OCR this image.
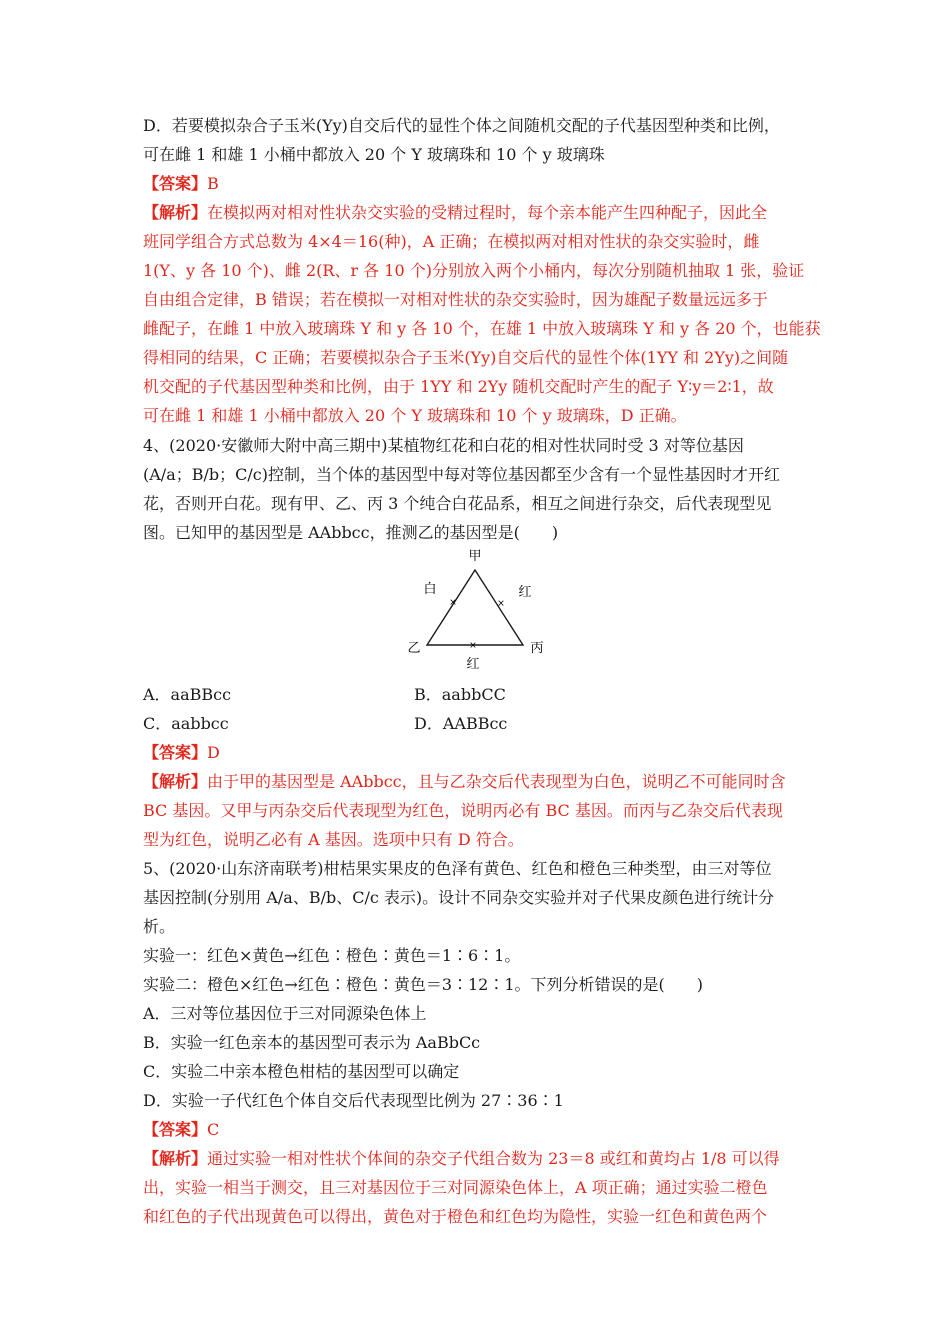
D．若要模拟杂合子玉米(Yy)自交后代的显性个体之间随机交配的子代基因型种类和比例，
可在雌 1 和雄 1 小桶中都放入 20 个 Y 玻璃珠和 10 个 y 玻璃珠
【答案】B
【解析】在模拟两对相对性状杂交实验的受精过程时，每个亲本能产生四种配子，因此全
班同学组合方式总数为 4×4＝16(种)，A 正确；在模拟两对相对性状的杂交实验时，雌
1(Y、y 各 10 个)、雌 2(R、r 各 10 个)分别放入两个小桶内，每次分别随机抽取 1 张，验证
自由组合定律，B 错误；若在模拟一对相对性状的杂交实验时，因为雄配子数量远远多于
雌配子，在雌 1 中放入玻璃珠 Y 和 y 各 10 个，在雄 1 中放入玻璃珠 Y 和 y 各 20 个，也能获
得相同的结果，C 正确；若要模拟杂合子玉米(Yy)自交后代的显性个体(1YY 和 2Yy)之间随
机交配的子代基因型种类和比例，由于 1YY 和 2Yy 随机交配时产生的配子 Y∶y＝2∶1，故
可在雌 1 和雄 1 小桶中都放入 20 个 Y 玻璃珠和 10 个 y 玻璃珠，D 正确。
4、(2020·安徽师大附中高三期中)某植物红花和白花的相对性状同时受 3 对等位基因
(A/a；B/b；C/c)控制，当个体的基因型中每对等位基因都至少含有一个显性基因时才开红
花，否则开白花。现有甲、乙、丙 3 个纯合白花品系，相互之间进行杂交，后代表现型见
图。已知甲的基因型是 AAbbcc，推测乙的基因型是(　　)
甲
乙	丙
白
×
红
×
×
红
A．aaBBcc	B．aabbCC
C．aabbcc	D．AABBcc
【答案】D
【解析】由于甲的基因型是 AAbbcc，且与乙杂交后代表现型为白色，说明乙不可能同时含
BC 基因。又甲与丙杂交后代表现型为红色，说明丙必有 BC 基因。而丙与乙杂交后代表现
型为红色，说明乙必有 A 基因。选项中只有 D 符合。
5、(2020·山东济南联考)柑桔果实果皮的色泽有黄色、红色和橙色三种类型，由三对等位
基因控制(分别用 A/a、B/b、C/c 表示)。设计不同杂交实验并对子代果皮颜色进行统计分
析。
实验一：红色×黄色→红色∶橙色∶黄色＝1∶6∶1。
实验二：橙色×红色→红色∶橙色∶黄色＝3∶12∶1。下列分析错误的是(　　)
A．三对等位基因位于三对同源染色体上
B．实验一红色亲本的基因型可表示为 AaBbCc
C．实验二中亲本橙色柑桔的基因型可以确定
D．实验一子代红色个体自交后代表现型比例为 27∶36∶1
【答案】C
【解析】通过实验一相对性状个体间的杂交子代组合数为 23＝8 或红和黄均占 1/8 可以得
出，实验一相当于测交，且三对基因位于三对同源染色体上，A 项正确；通过实验二橙色
和红色的子代出现黄色可以得出，黄色对于橙色和红色均为隐性，实验一红色和黄色两个
